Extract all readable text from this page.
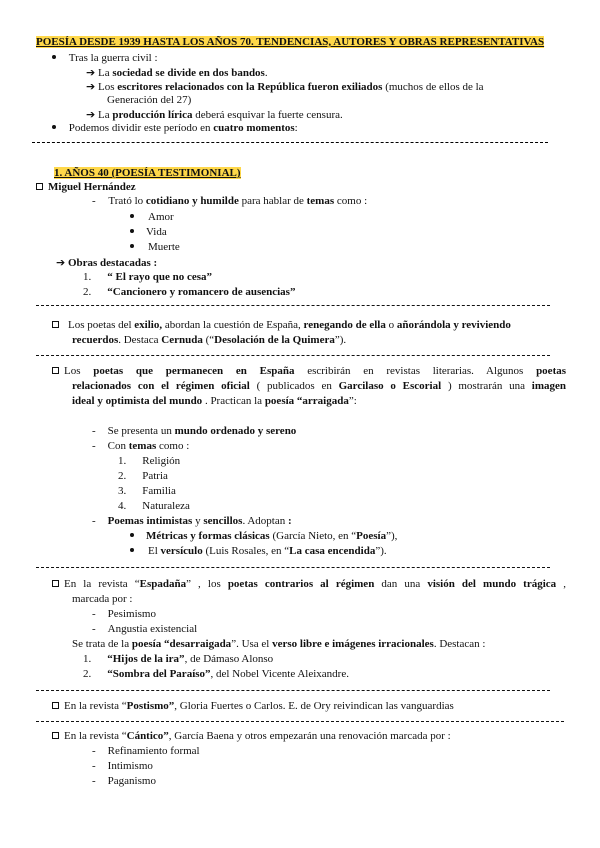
POESÍA DESDE 1939 HASTA LOS AÑOS 70. TENDENCIAS, AUTORES Y OBRAS REPRESENTATIVAS
Tras la guerra civil :
➔ La sociedad se divide en dos bandos.
➔ Los escritores relacionados con la República fueron exiliados (muchos de ellos de la
Generación del 27)
➔ La producción lírica deberá esquivar la fuerte censura.
Podemos dividir este período en cuatro momentos:
1. AÑOS 40 (POESÍA TESTIMONIAL)
Miguel Hernández
- Trató lo cotidiano y humilde para hablar de temas como :
Amor
Vida
Muerte
➔ Obras destacadas :
1. “ El rayo que no cesa”
2. “Cancionero y romancero de ausencias”
Los poetas del exilio, abordan la cuestión de España, renegando de ella o añorándola y reviviendo
recuerdos. Destaca Cernuda (“Desolación de la Quimera”).
Los poetas que permanecen en España escribirán en revistas literarias. Algunos poetas
relacionados con el régimen oficial ( publicados en Garcilaso o Escorial ) mostrarán una imagen
ideal y optimista del mundo . Practican la poesía “arraigada”:
- Se presenta un mundo ordenado y sereno
- Con temas como :
1. Religión
2. Patria
3. Familia
4. Naturaleza
- Poemas intimistas y sencillos. Adoptan :
Métricas y formas clásicas (García Nieto, en “Poesía”),
El versículo (Luis Rosales, en “La casa encendida”).
En la revista “Espadaña” , los poetas contrarios al régimen dan una visión del mundo trágica ,
marcada por :
- Pesimismo
- Angustia existencial
Se trata de la poesía “desarraigada”. Usa el verso libre e imágenes irracionales. Destacan :
1. “Hijos de la ira”, de Dámaso Alonso
2. “Sombra del Paraíso”, del Nobel Vicente Aleixandre.
En la revista “Postismo”, Gloria Fuertes o Carlos. E. de Ory reivindican las vanguardias
En la revista “Cántico”, García Baena y otros empezarán una renovación marcada por :
- Refinamiento formal
- Intimismo
- Paganismo
